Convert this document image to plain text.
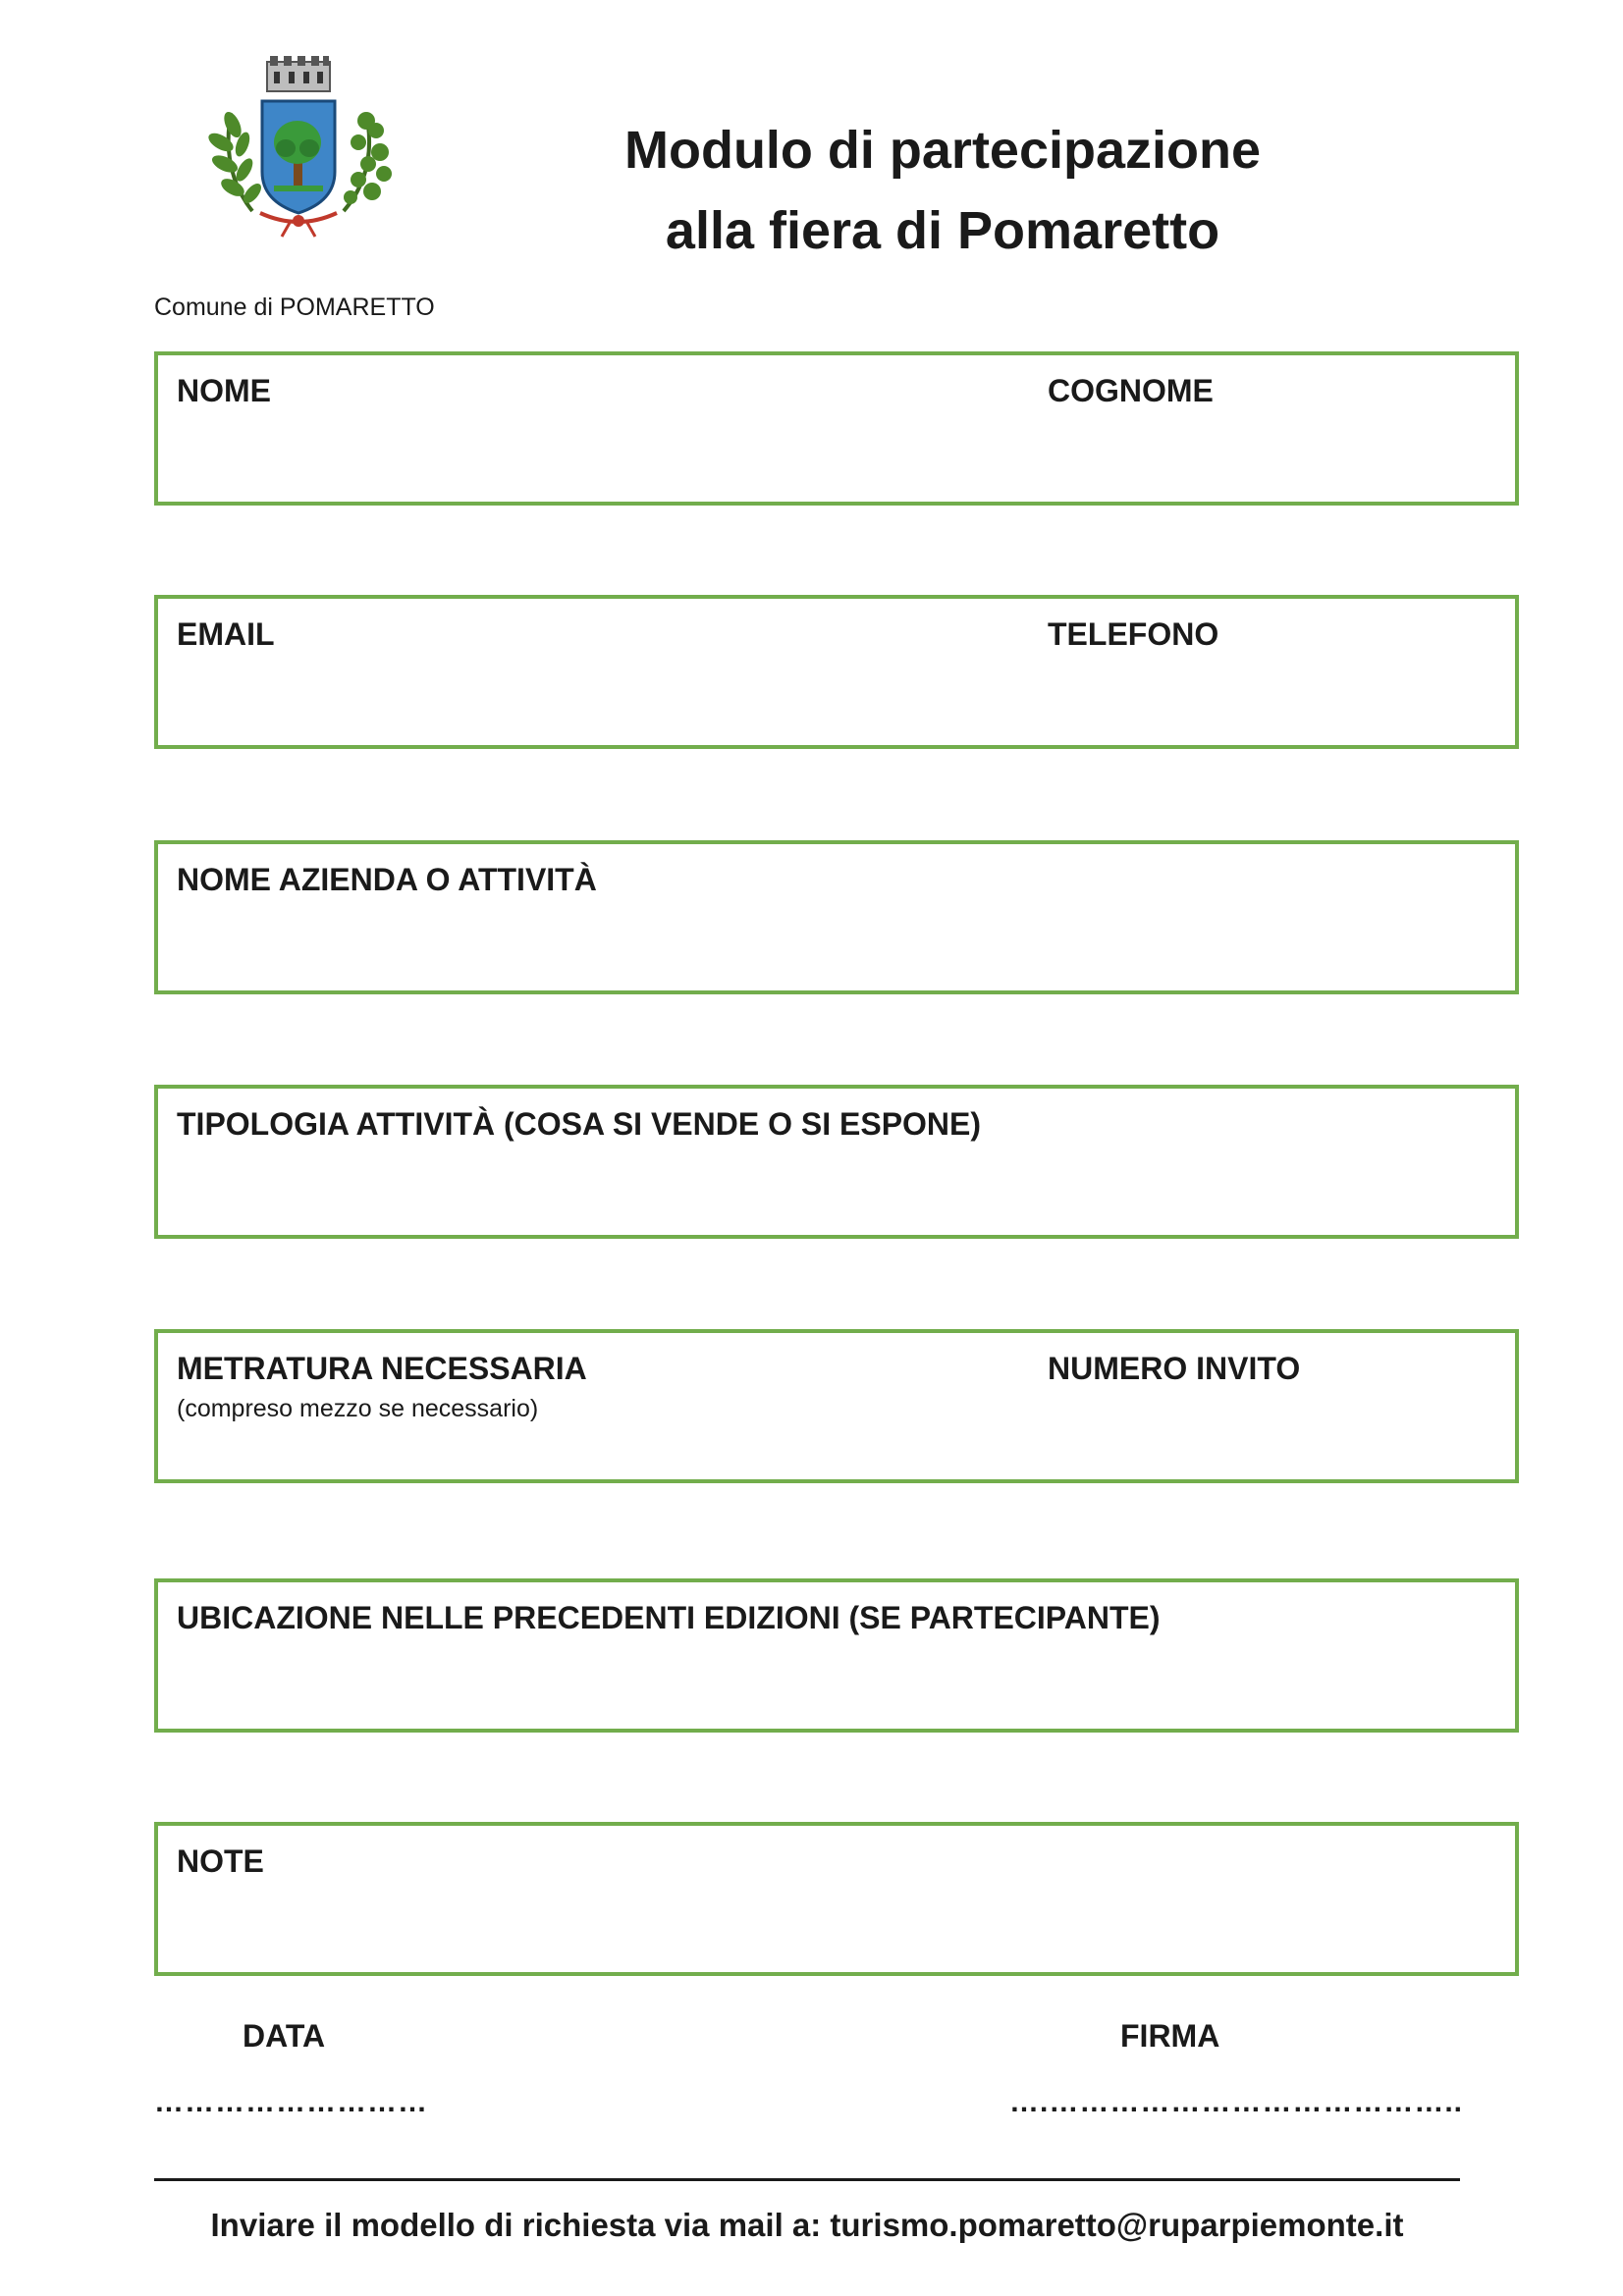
Modulo di partecipazione
alla fiera di Pomaretto
Comune di POMARETTO
NOME	COGNOME
EMAIL	TELEFONO
NOME AZIENDA O ATTIVITÀ
TIPOLOGIA ATTIVITÀ (COSA SI VENDE O SI ESPONE)
METRATURA NECESSARIA
(compreso mezzo se necessario)
NUMERO INVITO
UBICAZIONE NELLE PRECEDENTI EDIZIONI (SE PARTECIPANTE)
NOTE
DATA	FIRMA
………………………	….…………………………………..
Inviare il modello di richiesta via mail a: turismo.pomaretto@ruparpiemonte.it
